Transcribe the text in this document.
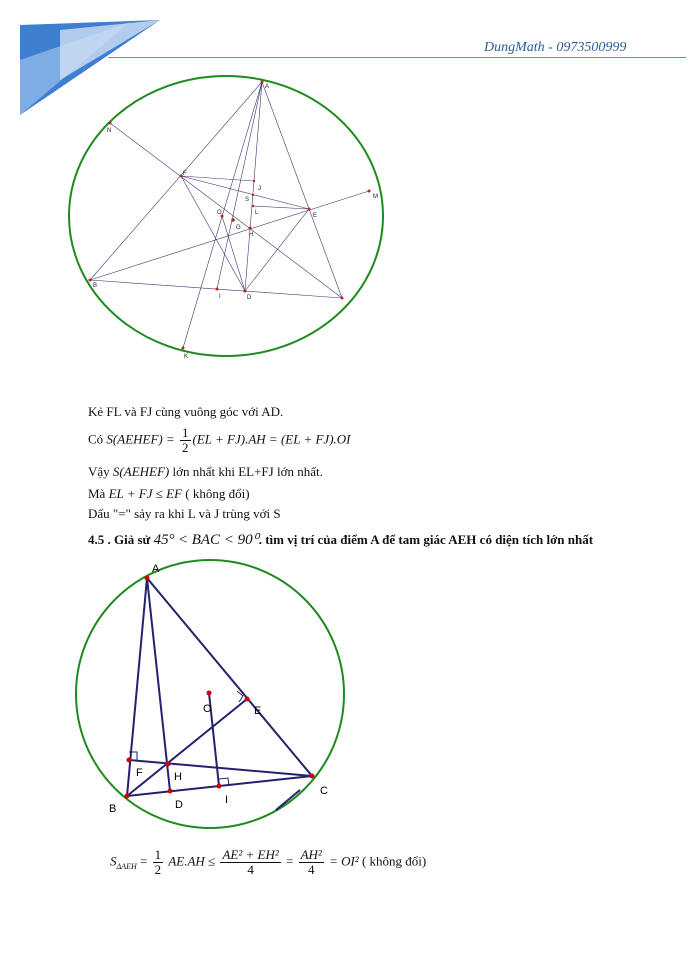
DungMath - 0973500999
A
N
F
J
S
L	E
M
O
G
H
B
I	D
K
Kẻ FL và FJ cùng vuông góc với AD.
Có S(AEHEF) = $\frac{1}{2} (EL + FJ).AH = (EL + FJ).OI$
Vậy S(AEHEF) lớn nhất khi EL+FJ lớn nhất.
Mà EL + FJ ≤ EF ( không đổi)
Dấu "=" sảy ra khi L và J trùng với S
4.5 . Giả sử 45° < BAC < 90⁰. tìm vị trí của điểm A để tam giác AEH có diện tích lớn nhất
A
O	E
F	H
B	D	I
C
$S_{\Delta AEH} = \frac{1}{2} AE.AH \le \frac{\text{AE² + EH²}}{4} = \frac{\text{AH²}}{4} = OI^2$ ( không đổi)
